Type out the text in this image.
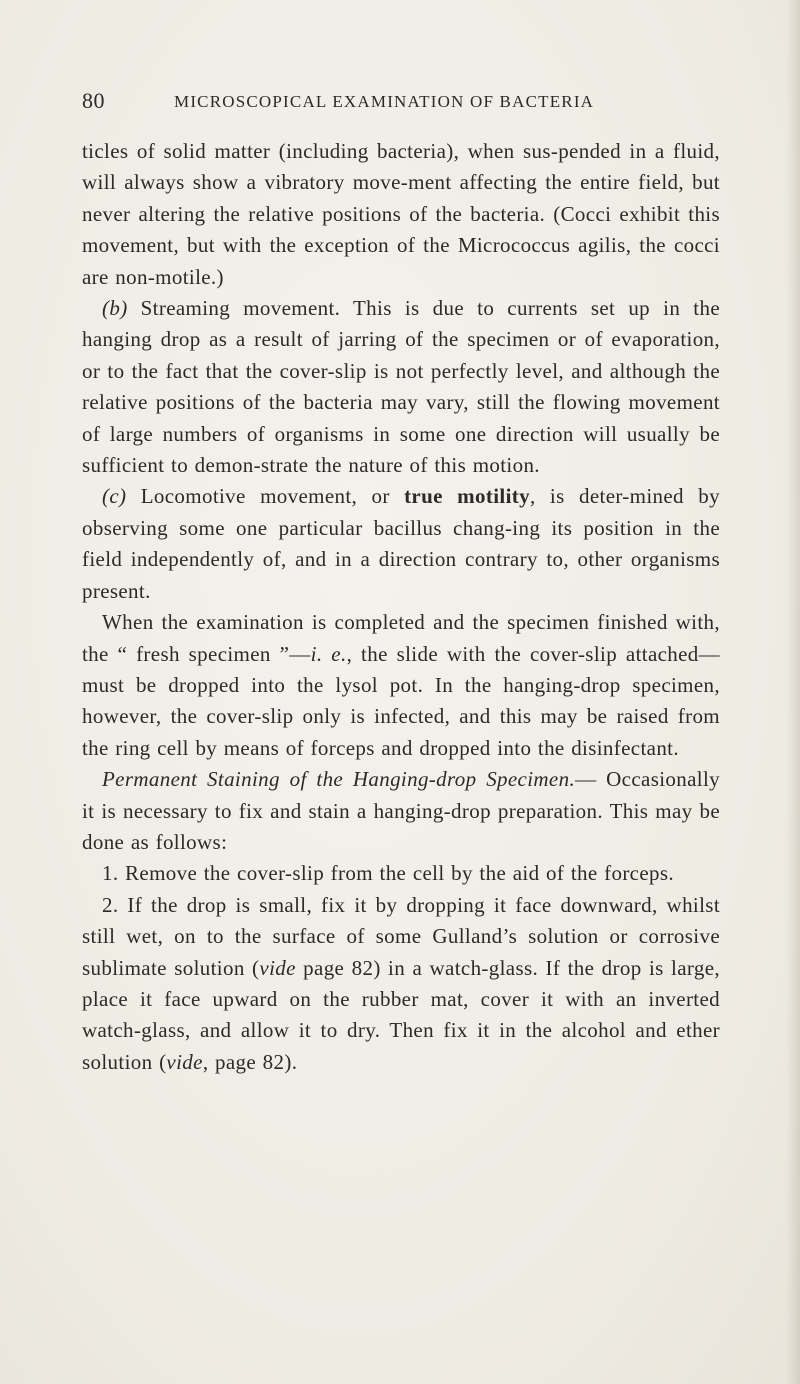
80	MICROSCOPICAL EXAMINATION OF BACTERIA

ticles of solid matter (including bacteria), when sus-pended in a fluid, will always show a vibratory move-ment affecting the entire field, but never altering the relative positions of the bacteria. (Cocci exhibit this movement, but with the exception of the Micrococcus agilis, the cocci are non-motile.)

(b) Streaming movement. This is due to currents set up in the hanging drop as a result of jarring of the specimen or of evaporation, or to the fact that the cover-slip is not perfectly level, and although the relative positions of the bacteria may vary, still the flowing movement of large numbers of organisms in some one direction will usually be sufficient to demon-strate the nature of this motion.

(c) Locomotive movement, or true motility, is deter-mined by observing some one particular bacillus chang-ing its position in the field independently of, and in a direction contrary to, other organisms present.

When the examination is completed and the specimen finished with, the “ fresh specimen ”—i. e., the slide with the cover-slip attached—must be dropped into the lysol pot. In the hanging-drop specimen, however, the cover-slip only is infected, and this may be raised from the ring cell by means of forceps and dropped into the disinfectant.

Permanent Staining of the Hanging-drop Specimen.— Occasionally it is necessary to fix and stain a hanging-drop preparation. This may be done as follows:

1. Remove the cover-slip from the cell by the aid of the forceps.

2. If the drop is small, fix it by dropping it face downward, whilst still wet, on to the surface of some Gulland’s solution or corrosive sublimate solution (vide page 82) in a watch-glass. If the drop is large, place it face upward on the rubber mat, cover it with an inverted watch-glass, and allow it to dry. Then fix it in the alcohol and ether solution (vide, page 82).
